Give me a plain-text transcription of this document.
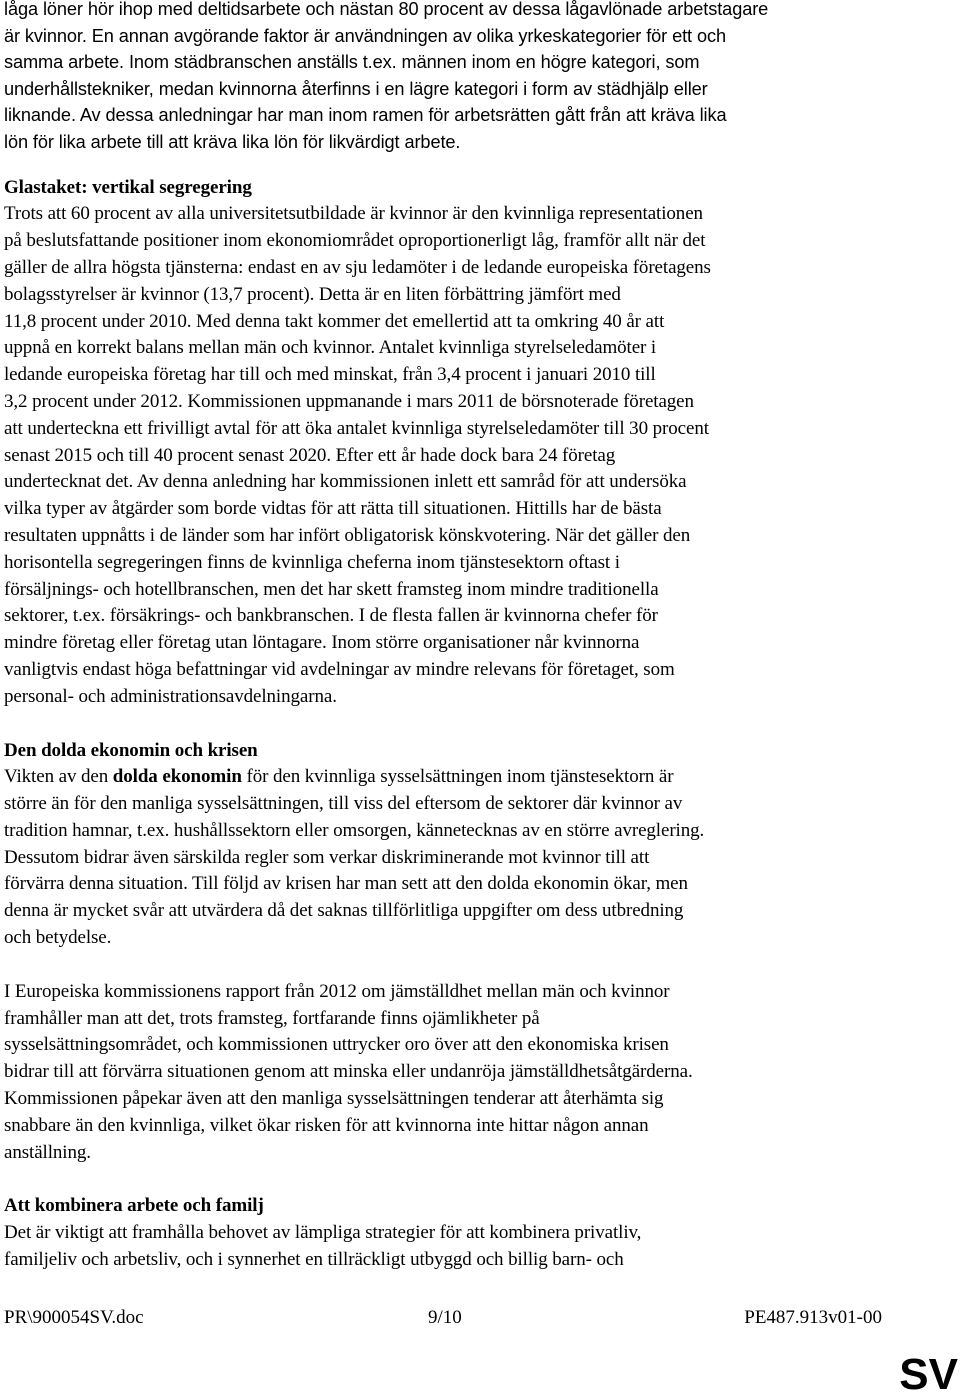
låga löner hör ihop med deltidsarbete och nästan 80 procent av dessa lågavlönade arbetstagare
är kvinnor. En annan avgörande faktor är användningen av olika yrkeskategorier för ett och
samma arbete. Inom städbranschen anställs t.ex. männen inom en högre kategori, som
underhållstekniker, medan kvinnorna återfinns i en lägre kategori i form av städhjälp eller
liknande. Av dessa anledningar har man inom ramen för arbetsrätten gått från att kräva lika
lön för lika arbete till att kräva lika lön för likvärdigt arbete.
Glastaket: vertikal segregering
Trots att 60 procent av alla universitetsutbildade är kvinnor är den kvinnliga representationen
på beslutsfattande positioner inom ekonomiområdet oproportionerligt låg, framför allt när det
gäller de allra högsta tjänsterna: endast en av sju ledamöter i de ledande europeiska företagens
bolagsstyrelser är kvinnor (13,7 procent). Detta är en liten förbättring jämfört med
11,8 procent under 2010. Med denna takt kommer det emellertid att ta omkring 40 år att
uppnå en korrekt balans mellan män och kvinnor. Antalet kvinnliga styrelseledamöter i
ledande europeiska företag har till och med minskat, från 3,4 procent i januari 2010 till
3,2 procent under 2012. Kommissionen uppmanande i mars 2011 de börsnoterade företagen
att underteckna ett frivilligt avtal för att öka antalet kvinnliga styrelseledamöter till 30 procent
senast 2015 och till 40 procent senast 2020. Efter ett år hade dock bara 24 företag
undertecknat det. Av denna anledning har kommissionen inlett ett samråd för att undersöka
vilka typer av åtgärder som borde vidtas för att rätta till situationen. Hittills har de bästa
resultaten uppnåtts i de länder som har infört obligatorisk könskvotering. När det gäller den
horisontella segregeringen finns de kvinnliga cheferna inom tjänstesektorn oftast i
försäljnings- och hotellbranschen, men det har skett framsteg inom mindre traditionella
sektorer, t.ex. försäkrings- och bankbranschen. I de flesta fallen är kvinnorna chefer för
mindre företag eller företag utan löntagare. Inom större organisationer når kvinnorna
vanligtvis endast höga befattningar vid avdelningar av mindre relevans för företaget, som
personal- och administrationsavdelningarna.
Den dolda ekonomin och krisen
Vikten av den dolda ekonomin för den kvinnliga sysselsättningen inom tjänstesektorn är
större än för den manliga sysselsättningen, till viss del eftersom de sektorer där kvinnor av
tradition hamnar, t.ex. hushållssektorn eller omsorgen, kännetecknas av en större avreglering.
Dessutom bidrar även särskilda regler som verkar diskriminerande mot kvinnor till att
förvärra denna situation. Till följd av krisen har man sett att den dolda ekonomin ökar, men
denna är mycket svår att utvärdera då det saknas tillförlitliga uppgifter om dess utbredning
och betydelse.
I Europeiska kommissionens rapport från 2012 om jämställdhet mellan män och kvinnor
framhåller man att det, trots framsteg, fortfarande finns ojämlikheter på
sysselsättningsområdet, och kommissionen uttrycker oro över att den ekonomiska krisen
bidrar till att förvärra situationen genom att minska eller undanröja jämställdhetsåtgärderna.
Kommissionen påpekar även att den manliga sysselsättningen tenderar att återhämta sig
snabbare än den kvinnliga, vilket ökar risken för att kvinnorna inte hittar någon annan
anställning.
Att kombinera arbete och familj
Det är viktigt att framhålla behovet av lämpliga strategier för att kombinera privatliv,
familjeliv och arbetsliv, och i synnerhet en tillräckligt utbyggd och billig barn- och
PR\900054SV.doc	9/10	PE487.913v01-00
SV
